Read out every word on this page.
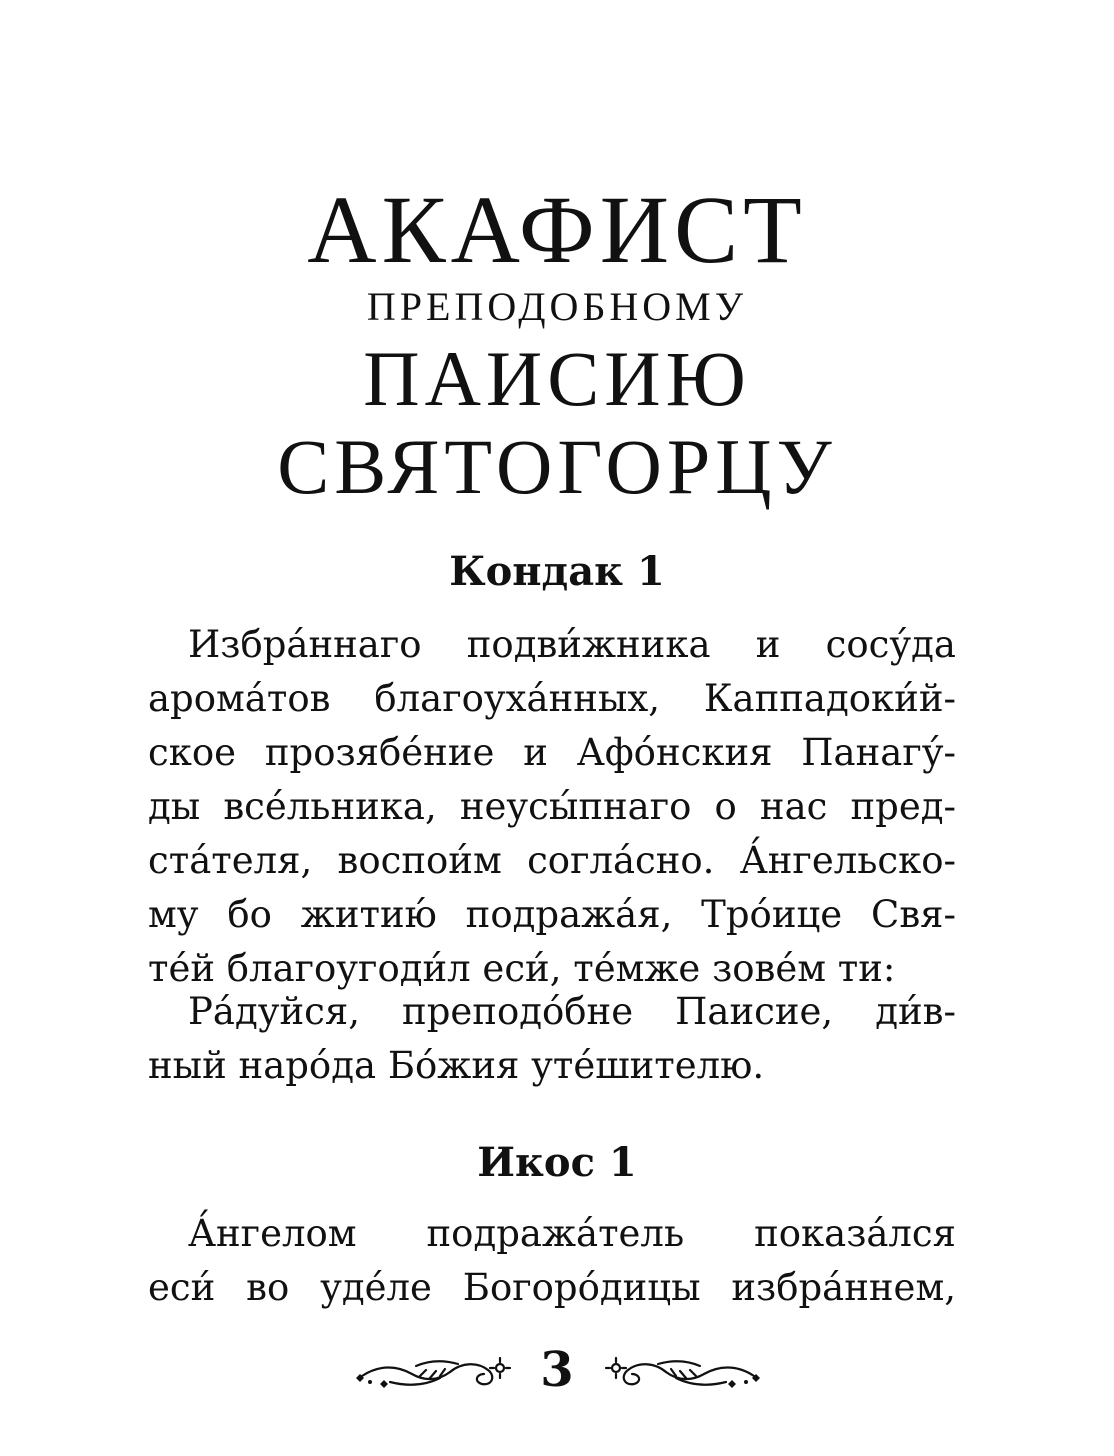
АКАФИСТ
ПРЕПОДОБНОМУ
ПАИСИЮ
СВЯТОГОРЦУ
Кондак 1
Избра́ннаго подви́жника и сосу́да
арома́тов благоуха́нных, Каппадоки́й-
ское прозябе́ние и Афо́нския Панагу́-
ды все́льника, неусы́пнаго о нас пред-
ста́теля, воспои́м согла́сно. А́нгельско-
му бо житию́ подража́я, Тро́ице Свя-
те́й благоугоди́л еси́, те́мже зове́м ти:
Ра́дуйся, преподо́бне Паисие, ди́в-
ный наро́да Бо́жия уте́шителю.
Икос 1
А́нгелом подража́тель показа́лся
еси́ во уде́ле Богоро́дицы избра́ннем,
3
